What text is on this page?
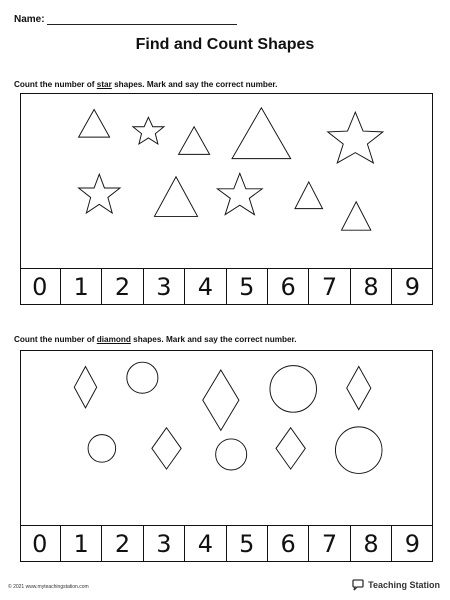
Name:
Find and Count Shapes
Count the number of star shapes. Mark and say the correct number.
0	1	2	3	4	5	6	7	8	9
Count the number of diamond shapes. Mark and say the correct number.
0	1	2	3	4	5	6	7	8	9
© 2021 www.myteachingstation.com	Teaching Station
